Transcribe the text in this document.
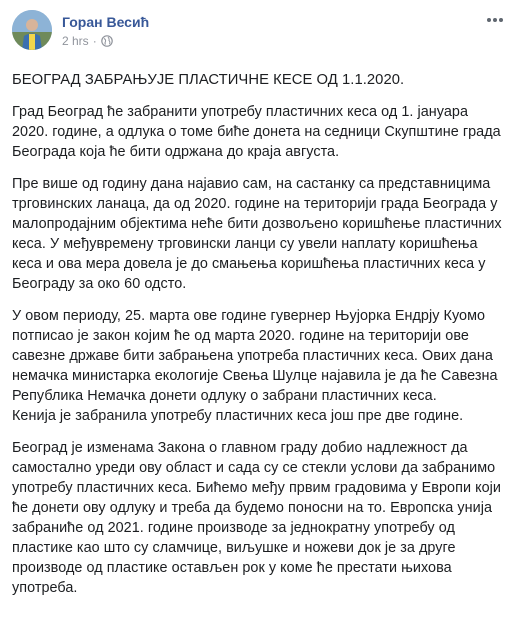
Горан Весић
2 hrs ·

БЕОГРАД ЗАБРАЊУЈЕ ПЛАСТИЧНЕ КЕСЕ ОД 1.1.2020.

Град Београд ће забранити употребу пластичних кеса од 1. јануара 2020. године, а одлука о томе биће донета на седници Скупштине града Београда која ће бити одржана до краја августа.

Пре више од годину дана најавио сам, на састанку са представницима трговинских ланаца, да од 2020. године на територији града Београда у малопродајним објектима неће бити дозвољено коришћење пластичних кеса. У међувремену трговински ланци су увели наплату коришћења кеса и ова мера довела је до смањења коришћења пластичних кеса у Београду за око 60 одсто.

У овом периоду, 25. марта ове године гувернер Њујорка Ендрју Куомо потписао је закон којим ће од марта 2020. године на територији ове савезне државе бити забрањена употреба пластичних кеса. Ових дана немачка министарка екологије Свења Шулце најавила је да ће Савезна Република Немачка донети одлуку о забрани пластичних кеса.
Кенија је забранила употребу пластичних кеса још пре две године.

Београд је изменама Закона о главном граду добио надлежност да самостално уреди ову област и сада су се стекли услови да забранимо употребу пластичних кеса. Бићемо међу првим градовима у Европи који ће донети ову одлуку и треба да будемо поносни на то. Европска унија забраниће од 2021. године производе за једнократну употребу од пластике као што су сламчице, виљушке и ножеви док је за друге производе од пластике остављен рок у коме ће престати њихова употреба.
